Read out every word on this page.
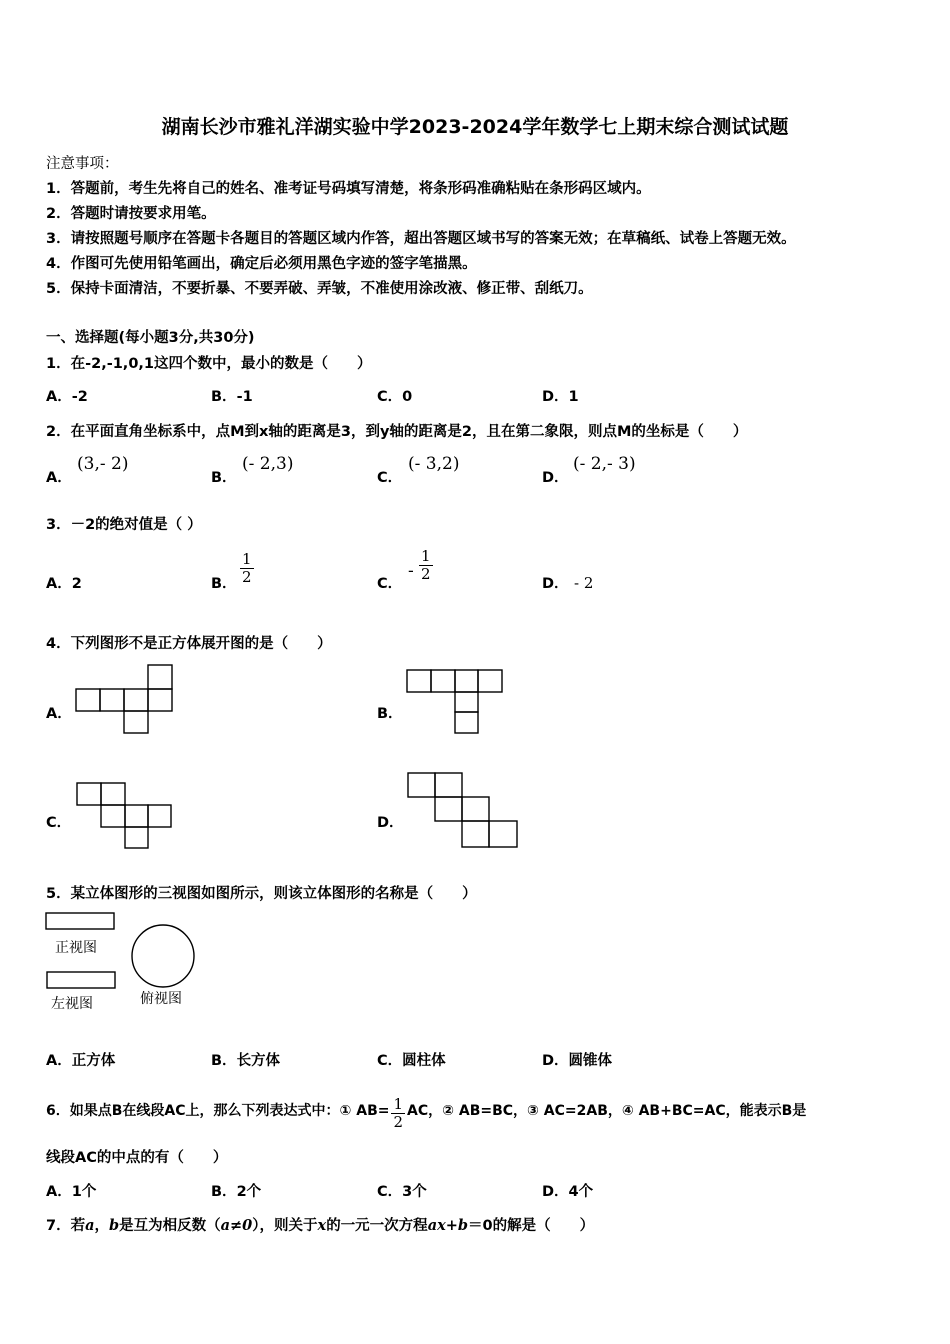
湖南长沙市雅礼洋湖实验中学2023-2024学年数学七上期末综合测试试题
注意事项：
1．答题前，考生先将自己的姓名、准考证号码填写清楚，将条形码准确粘贴在条形码区域内。
2．答题时请按要求用笔。
3．请按照题号顺序在答题卡各题目的答题区域内作答，超出答题区域书写的答案无效；在草稿纸、试卷上答题无效。
4．作图可先使用铅笔画出，确定后必须用黑色字迹的签字笔描黑。
5．保持卡面清洁，不要折暴、不要弄破、弄皱，不准使用涂改液、修正带、刮纸刀。
一、选择题(每小题3分,共30分)
1．在-2,-1,0,1这四个数中，最小的数是（　　）
A．-2	B．-1	C．0	D．1
2．在平面直角坐标系中，点M到x轴的距离是3，到y轴的距离是2，且在第二象限，则点M的坐标是（　　）
A．
(3,- 2)
B．
(- 2,3)
C．
(- 3,2)
D．
(- 2,- 3)
3．－2的绝对值是（ ）
A．2	B． $\frac{1}{2}$	C．
- $\frac{1}{2}$
D． - 2
4．下列图形不是正方体展开图的是（　　）
A．	B．
C．	D．
5．某立体图形的三视图如图所示，则该立体图形的名称是（　　）
正视图
左视图	俯视图
A．正方体	B．长方体	C．圆柱体	D．圆锥体
6．如果点B在线段AC上，那么下列表达式中：① $AB= \frac{1}{2}$ AC，② AB=BC，③ AC=2AB，④ AB+BC=AC，能表示B是
线段AC的中点的有（　　）
A．1个	B．2个	C．3个	D．4个
7．若a，b是互为相反数（a≠0），则关于x的一元一次方程ax+b＝0的解是（　　）
